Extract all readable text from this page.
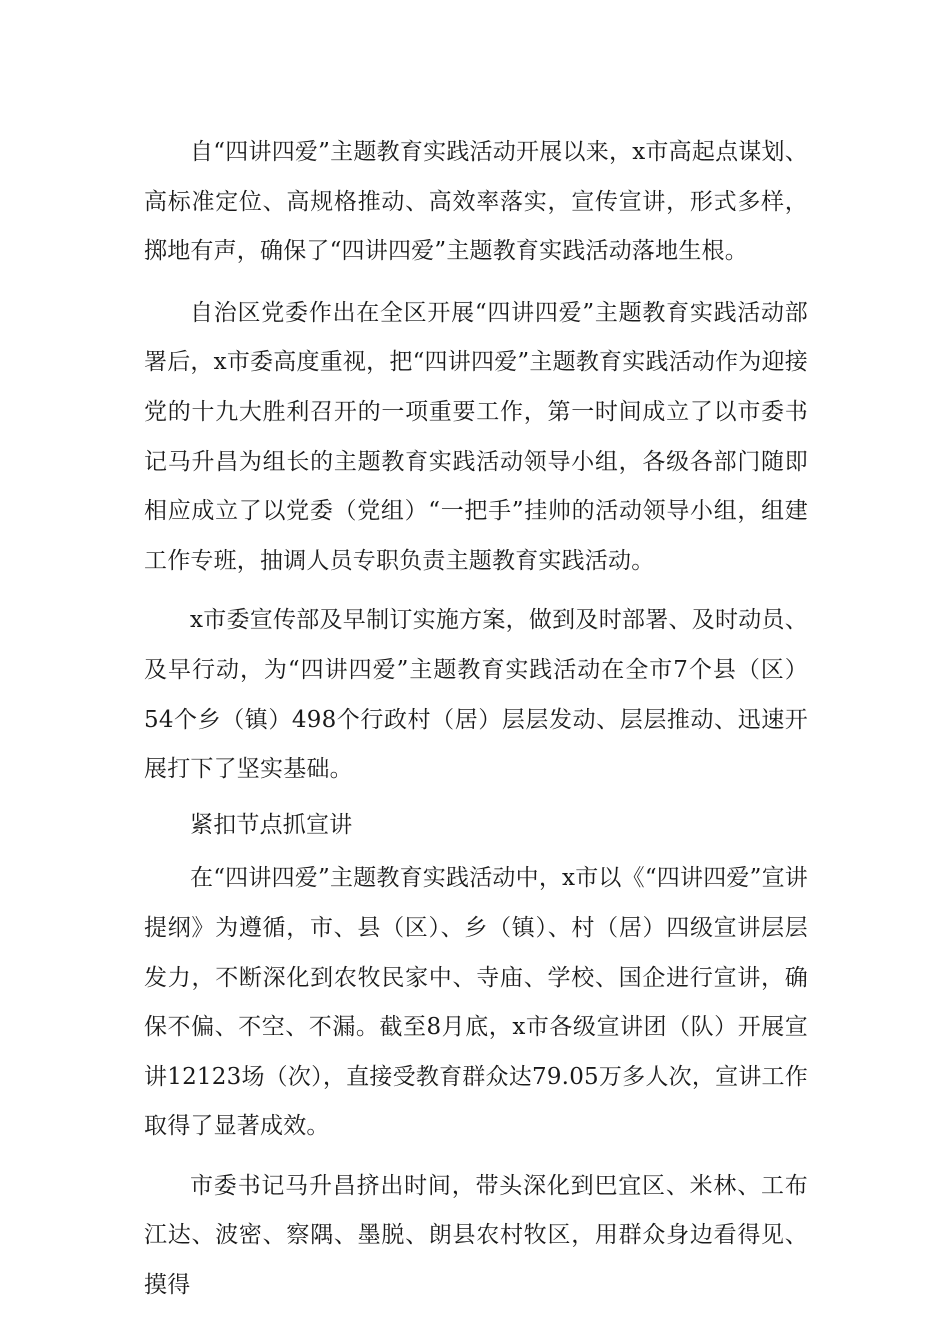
自“四讲四爱”主题教育实践活动开展以来，x市高起点谋划、高标准定位、高规格推动、高效率落实，宣传宣讲，形式多样，掷地有声，确保了“四讲四爱”主题教育实践活动落地生根。

自治区党委作出在全区开展“四讲四爱”主题教育实践活动部署后，x市委高度重视，把“四讲四爱”主题教育实践活动作为迎接党的十九大胜利召开的一项重要工作，第一时间成立了以市委书记马升昌为组长的主题教育实践活动领导小组，各级各部门随即相应成立了以党委（党组）“一把手”挂帅的活动领导小组，组建工作专班，抽调人员专职负责主题教育实践活动。

x市委宣传部及早制订实施方案，做到及时部署、及时动员、及早行动，为“四讲四爱”主题教育实践活动在全市7个县（区）54个乡（镇）498个行政村（居）层层发动、层层推动、迅速开展打下了坚实基础。

紧扣节点抓宣讲

在“四讲四爱”主题教育实践活动中，x市以《“四讲四爱”宣讲提纲》为遵循，市、县（区）、乡（镇）、村（居）四级宣讲层层发力，不断深化到农牧民家中、寺庙、学校、国企进行宣讲，确保不偏、不空、不漏。截至8月底，x市各级宣讲团（队）开展宣讲12123场（次），直接受教育群众达79.05万多人次，宣讲工作取得了显著成效。

市委书记马升昌挤出时间，带头深化到巴宜区、米林、工布江达、波密、察隅、墨脱、朗县农村牧区，用群众身边看得见、摸得
